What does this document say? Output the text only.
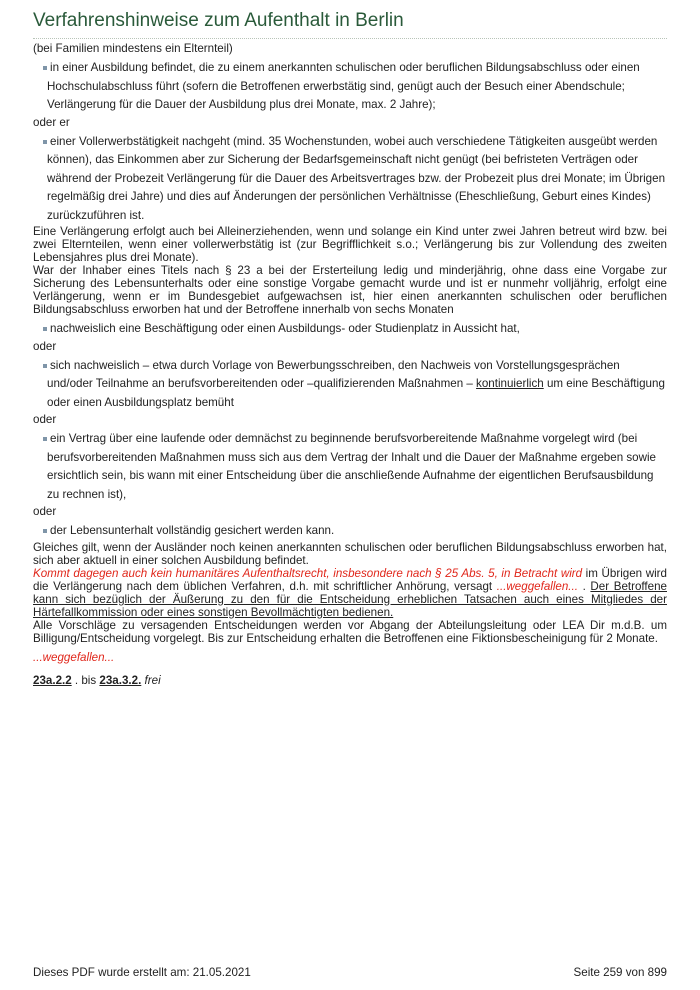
Verfahrenshinweise zum Aufenthalt in Berlin

(bei Familien mindestens ein Elternteil)

in einer Ausbildung befindet, die zu einem anerkannten schulischen oder beruflichen Bildungsabschluss oder einen Hochschulabschluss führt (sofern die Betroffenen erwerbstätig sind, genügt auch der Besuch einer Abendschule; Verlängerung für die Dauer der Ausbildung plus drei Monate, max. 2 Jahre);

oder er

einer Vollerwerbstätigkeit nachgeht (mind. 35 Wochenstunden, wobei auch verschiedene Tätigkeiten ausgeübt werden können), das Einkommen aber zur Sicherung der Bedarfsgemeinschaft nicht genügt (bei befristeten Verträgen oder während der Probezeit Verlängerung für die Dauer des Arbeitsvertrages bzw. der Probezeit plus drei Monate; im Übrigen regelmäßig drei Jahre) und dies auf Änderungen der persönlichen Verhältnisse (Eheschließung, Geburt eines Kindes) zurückzuführen ist.

Eine Verlängerung erfolgt auch bei Alleinerziehenden, wenn und solange ein Kind unter zwei Jahren betreut wird bzw. bei zwei Elternteilen, wenn einer vollerwerbstätig ist (zur Begrifflichkeit s.o.; Verlängerung bis zur Vollendung des zweiten Lebensjahres plus drei Monate).

War der Inhaber eines Titels nach § 23 a bei der Ersterteilung ledig und minderjährig, ohne dass eine Vorgabe zur Sicherung des Lebensunterhalts oder eine sonstige Vorgabe gemacht wurde und ist er nunmehr volljährig, erfolgt eine Verlängerung, wenn er im Bundesgebiet aufgewachsen ist, hier einen anerkannten schulischen oder beruflichen Bildungsabschluss erworben hat und der Betroffene innerhalb von sechs Monaten

nachweislich eine Beschäftigung oder einen Ausbildungs- oder Studienplatz in Aussicht hat,

oder

sich nachweislich – etwa durch Vorlage von Bewerbungsschreiben, den Nachweis von Vorstellungsgesprächen und/oder Teilnahme an berufsvorbereitenden oder –qualifizierenden Maßnahmen – kontinuierlich um eine Beschäftigung oder einen Ausbildungsplatz bemüht

oder

ein Vertrag über eine laufende oder demnächst zu beginnende berufsvorbereitende Maßnahme vorgelegt wird (bei berufsvorbereitenden Maßnahmen muss sich aus dem Vertrag der Inhalt und die Dauer der Maßnahme ergeben sowie ersichtlich sein, bis wann mit einer Entscheidung über die anschließende Aufnahme der eigentlichen Berufsausbildung zu rechnen ist),

oder

der Lebensunterhalt vollständig gesichert werden kann.

Gleiches gilt, wenn der Ausländer noch keinen anerkannten schulischen oder beruflichen Bildungsabschluss erworben hat, sich aber aktuell in einer solchen Ausbildung befindet.

Kommt dagegen auch kein humanitäres Aufenthaltsrecht, insbesondere nach § 25 Abs. 5, in Betracht wird im Übrigen wird die Verlängerung nach dem üblichen Verfahren, d.h. mit schriftlicher Anhörung, versagt ...weggefallen... . Der Betroffene kann sich bezüglich der Äußerung zu den für die Entscheidung erheblichen Tatsachen auch eines Mitgliedes der Härtefallkommission oder eines sonstigen Bevollmächtigten bedienen.

Alle Vorschläge zu versagenden Entscheidungen werden vor Abgang der Abteilungsleitung oder LEA Dir m.d.B. um Billigung/Entscheidung vorgelegt. Bis zur Entscheidung erhalten die Betroffenen eine Fiktionsbescheinigung für 2 Monate.

...weggefallen...

23a.2.2 . bis 23a.3.2. frei

Dieses PDF wurde erstellt am: 21.05.2021	Seite 259 von 899
